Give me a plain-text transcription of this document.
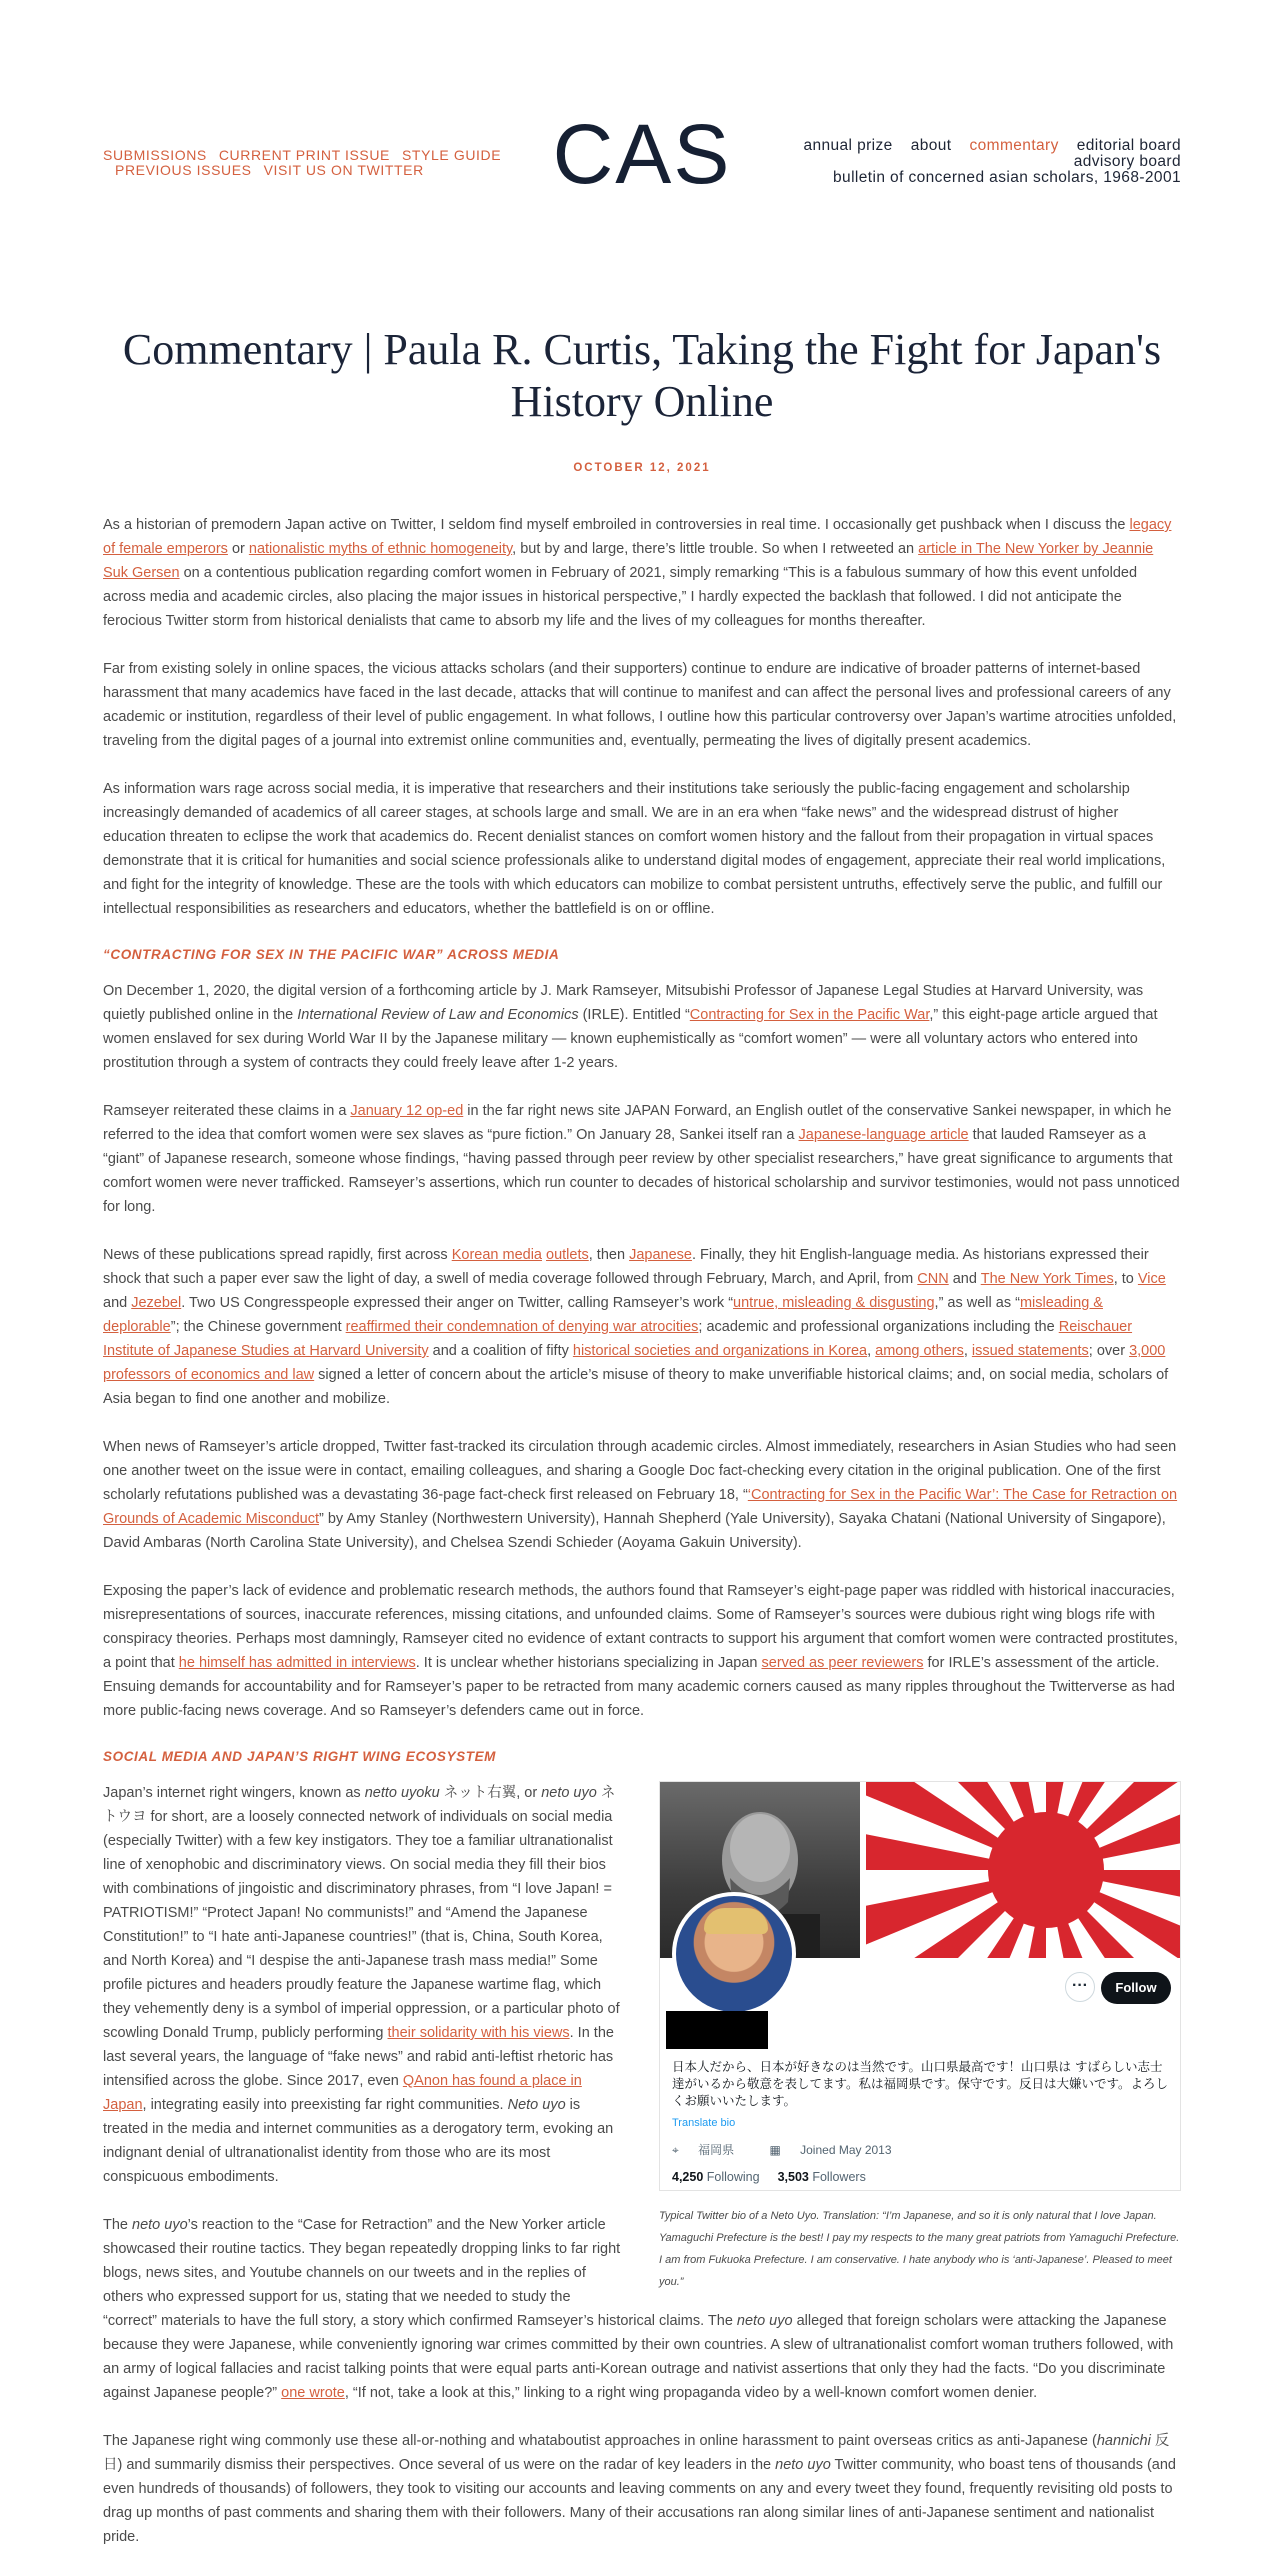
SUBMISSIONS CURRENT PRINT ISSUE STYLE GUIDE
PREVIOUS ISSUES VISIT US ON TWITTER	CAS	annual prize about commentary editorial board
advisory board
bulletin of concerned asian scholars, 1968-2001
Commentary | Paula R. Curtis, Taking the Fight for Japan's History Online
OCTOBER 12, 2021

As a historian of premodern Japan active on Twitter, I seldom find myself embroiled in controversies in real time. I occasionally get pushback when I discuss the legacy of female emperors or nationalistic myths of ethnic homogeneity, but by and large, there’s little trouble. So when I retweeted an article in The New Yorker by Jeannie Suk Gersen on a contentious publication regarding comfort women in February of 2021, simply remarking “This is a fabulous summary of how this event unfolded across media and academic circles, also placing the major issues in historical perspective,” I hardly expected the backlash that followed. I did not anticipate the ferocious Twitter storm from historical denialists that came to absorb my life and the lives of my colleagues for months thereafter.

Far from existing solely in online spaces, the vicious attacks scholars (and their supporters) continue to endure are indicative of broader patterns of internet-based harassment that many academics have faced in the last decade, attacks that will continue to manifest and can affect the personal lives and professional careers of any academic or institution, regardless of their level of public engagement. In what follows, I outline how this particular controversy over Japan’s wartime atrocities unfolded, traveling from the digital pages of a journal into extremist online communities and, eventually, permeating the lives of digitally present academics.

As information wars rage across social media, it is imperative that researchers and their institutions take seriously the public-facing engagement and scholarship increasingly demanded of academics of all career stages, at schools large and small. We are in an era when “fake news” and the widespread distrust of higher education threaten to eclipse the work that academics do. Recent denialist stances on comfort women history and the fallout from their propagation in virtual spaces demonstrate that it is critical for humanities and social science professionals alike to understand digital modes of engagement, appreciate their real world implications, and fight for the integrity of knowledge. These are the tools with which educators can mobilize to combat persistent untruths, effectively serve the public, and fulfill our intellectual responsibilities as researchers and educators, whether the battlefield is on or offline.

“CONTRACTING FOR SEX IN THE PACIFIC WAR” ACROSS MEDIA

On December 1, 2020, the digital version of a forthcoming article by J. Mark Ramseyer, Mitsubishi Professor of Japanese Legal Studies at Harvard University, was quietly published online in the International Review of Law and Economics (IRLE). Entitled “Contracting for Sex in the Pacific War,” this eight-page article argued that women enslaved for sex during World War II by the Japanese military — known euphemistically as “comfort women” — were all voluntary actors who entered into prostitution through a system of contracts they could freely leave after 1-2 years.

Ramseyer reiterated these claims in a January 12 op-ed in the far right news site JAPAN Forward, an English outlet of the conservative Sankei newspaper, in which he referred to the idea that comfort women were sex slaves as “pure fiction.” On January 28, Sankei itself ran a Japanese-language article that lauded Ramseyer as a “giant” of Japanese research, someone whose findings, “having passed through peer review by other specialist researchers,” have great significance to arguments that comfort women were never trafficked. Ramseyer’s assertions, which run counter to decades of historical scholarship and survivor testimonies, would not pass unnoticed for long.

News of these publications spread rapidly, first across Korean media outlets, then Japanese. Finally, they hit English-language media. As historians expressed their shock that such a paper ever saw the light of day, a swell of media coverage followed through February, March, and April, from CNN and The New York Times, to Vice and Jezebel. Two US Congresspeople expressed their anger on Twitter, calling Ramseyer’s work “untrue, misleading & disgusting,” as well as “misleading & deplorable”; the Chinese government reaffirmed their condemnation of denying war atrocities; academic and professional organizations including the Reischauer Institute of Japanese Studies at Harvard University and a coalition of fifty historical societies and organizations in Korea, among others, issued statements; over 3,000 professors of economics and law signed a letter of concern about the article’s misuse of theory to make unverifiable historical claims; and, on social media, scholars of Asia began to find one another and mobilize.

When news of Ramseyer’s article dropped, Twitter fast-tracked its circulation through academic circles. Almost immediately, researchers in Asian Studies who had seen one another tweet on the issue were in contact, emailing colleagues, and sharing a Google Doc fact-checking every citation in the original publication. One of the first scholarly refutations published was a devastating 36-page fact-check first released on February 18, “‘Contracting for Sex in the Pacific War’: The Case for Retraction on Grounds of Academic Misconduct” by Amy Stanley (Northwestern University), Hannah Shepherd (Yale University), Sayaka Chatani (National University of Singapore), David Ambaras (North Carolina State University), and Chelsea Szendi Schieder (Aoyama Gakuin University).

Exposing the paper’s lack of evidence and problematic research methods, the authors found that Ramseyer’s eight-page paper was riddled with historical inaccuracies, misrepresentations of sources, inaccurate references, missing citations, and unfounded claims. Some of Ramseyer’s sources were dubious right wing blogs rife with conspiracy theories. Perhaps most damningly, Ramseyer cited no evidence of extant contracts to support his argument that comfort women were contracted prostitutes, a point that he himself has admitted in interviews. It is unclear whether historians specializing in Japan served as peer reviewers for IRLE’s assessment of the article. Ensuing demands for accountability and for Ramseyer’s paper to be retracted from many academic corners caused as many ripples throughout the Twitterverse as had more public-facing news coverage. And so Ramseyer’s defenders came out in force.

SOCIAL MEDIA AND JAPAN’S RIGHT WING ECOSYSTEM
···	Follow
日本人だから、日本が好きなのは当然です。山口県最高です！山口県は すばらしい志士達がいるから敬意を表してます。私は福岡県です。保守です。反日は大嫌いです。よろしくお願いいたします。
Translate bio
⌖ 福岡県	▦ Joined May 2013
4,250 Following 3,503 Followers
Typical Twitter bio of a Neto Uyo. Translation: “I’m Japanese, and so it is only natural that I love Japan. Yamaguchi Prefecture is the best! I pay my respects to the many great patriots from Yamaguchi Prefecture. I am from Fukuoka Prefecture. I am conservative. I hate anybody who is ‘anti-Japanese’. Pleased to meet you.”

Japan’s internet right wingers, known as netto uyoku ネット右翼, or neto uyo ネトウヨ for short, are a loosely connected network of individuals on social media (especially Twitter) with a few key instigators. They toe a familiar ultranationalist line of xenophobic and discriminatory views. On social media they fill their bios with combinations of jingoistic and discriminatory phrases, from “I love Japan! = PATRIOTISM!” “Protect Japan! No communists!” and “Amend the Japanese Constitution!” to “I hate anti-Japanese countries!” (that is, China, South Korea, and North Korea) and “I despise the anti-Japanese trash mass media!” Some profile pictures and headers proudly feature the Japanese wartime flag, which they vehemently deny is a symbol of imperial oppression, or a particular photo of scowling Donald Trump, publicly performing their solidarity with his views. In the last several years, the language of “fake news” and rabid anti-leftist rhetoric has intensified across the globe. Since 2017, even QAnon has found a place in Japan, integrating easily into preexisting far right communities. Neto uyo is treated in the media and internet communities as a derogatory term, evoking an indignant denial of ultranationalist identity from those who are its most conspicuous embodiments.

The neto uyo’s reaction to the “Case for Retraction” and the New Yorker article showcased their routine tactics. They began repeatedly dropping links to far right blogs, news sites, and Youtube channels on our tweets and in the replies of others who expressed support for us, stating that we needed to study the “correct” materials to have the full story, a story which confirmed Ramseyer’s historical claims. The neto uyo alleged that foreign scholars were attacking the Japanese because they were Japanese, while conveniently ignoring war crimes committed by their own countries. A slew of ultranationalist comfort woman truthers followed, with an army of logical fallacies and racist talking points that were equal parts anti-Korean outrage and nativist assertions that only they had the facts. “Do you discriminate against Japanese people?” one wrote, “If not, take a look at this,” linking to a right wing propaganda video by a well-known comfort women denier.

The Japanese right wing commonly use these all-or-nothing and whataboutist approaches in online harassment to paint overseas critics as anti-Japanese (hannichi 反日) and summarily dismiss their perspectives. Once several of us were on the radar of key leaders in the neto uyo Twitter community, who boast tens of thousands (and even hundreds of thousands) of followers, they took to visiting our accounts and leaving comments on any and every tweet they found, frequently revisiting old posts to drag up months of past comments and sharing them with their followers. Many of their accusations ran along similar lines of anti-Japanese sentiment and nationalist pride.
